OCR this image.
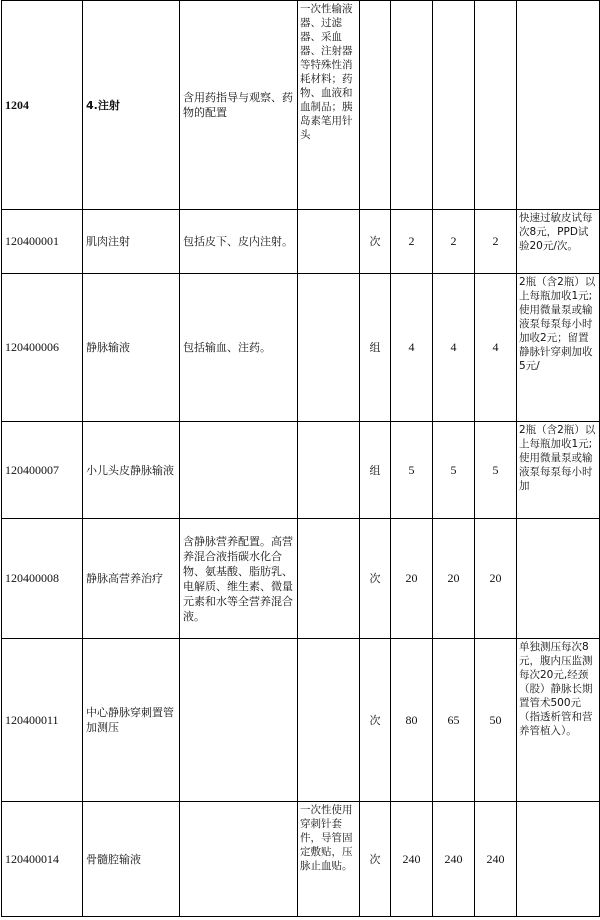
1204	4.注射	含用药指导与观察、药物的配置	一次性输液器、过滤器、采血器、注射器等特殊性消耗材料；药物、血液和血制品；胰岛素笔用针头					
120400001	肌肉注射	包括皮下、皮内注射。		次	2	2	2	快速过敏皮试每次8元，PPD试验20元/次。
120400006	静脉输液	包括输血、注药。		组	4	4	4	2瓶（含2瓶）以上每瓶加收1元;使用微量泵或输液泵每泵每小时加收2元；留置静脉针穿刺加收5元/
120400007	小儿头皮静脉输液			组	5	5	5	2瓶（含2瓶）以上每瓶加收1元;使用微量泵或输液泵每泵每小时加
120400008	静脉高营养治疗	含静脉营养配置。高营养混合液指碳水化合物、氨基酸、脂肪乳、电解质、维生素、微量元素和水等全营养混合液。		次	20	20	20	
120400011	中心静脉穿刺置管加测压			次	80	65	50	单独测压每次8元，腹内压监测每次20元,经颈（股）静脉长期置管术500元（指透析管和营养管植入）。
120400014	骨髓腔输液		一次性使用穿刺针套件，导管固定敷贴，压脉止血贴。	次	240	240	240	
